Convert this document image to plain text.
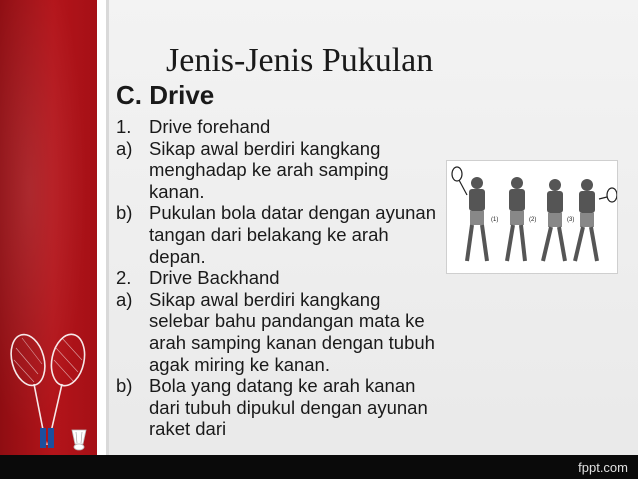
Jenis-Jenis Pukulan
C. Drive
1. Drive forehand
a) Sikap awal berdiri kangkang menghadap ke arah samping kanan.
b) Pukulan bola datar dengan ayunan tangan dari belakang ke arah depan.
2. Drive Backhand
a) Sikap awal berdiri kangkang selebar bahu pandangan mata ke arah samping kanan dengan tubuh agak miring ke kanan.
b) Bola yang datang ke arah kanan dari tubuh dipukul dengan ayunan raket dari
(1)	(2)	(3)
fppt.com
